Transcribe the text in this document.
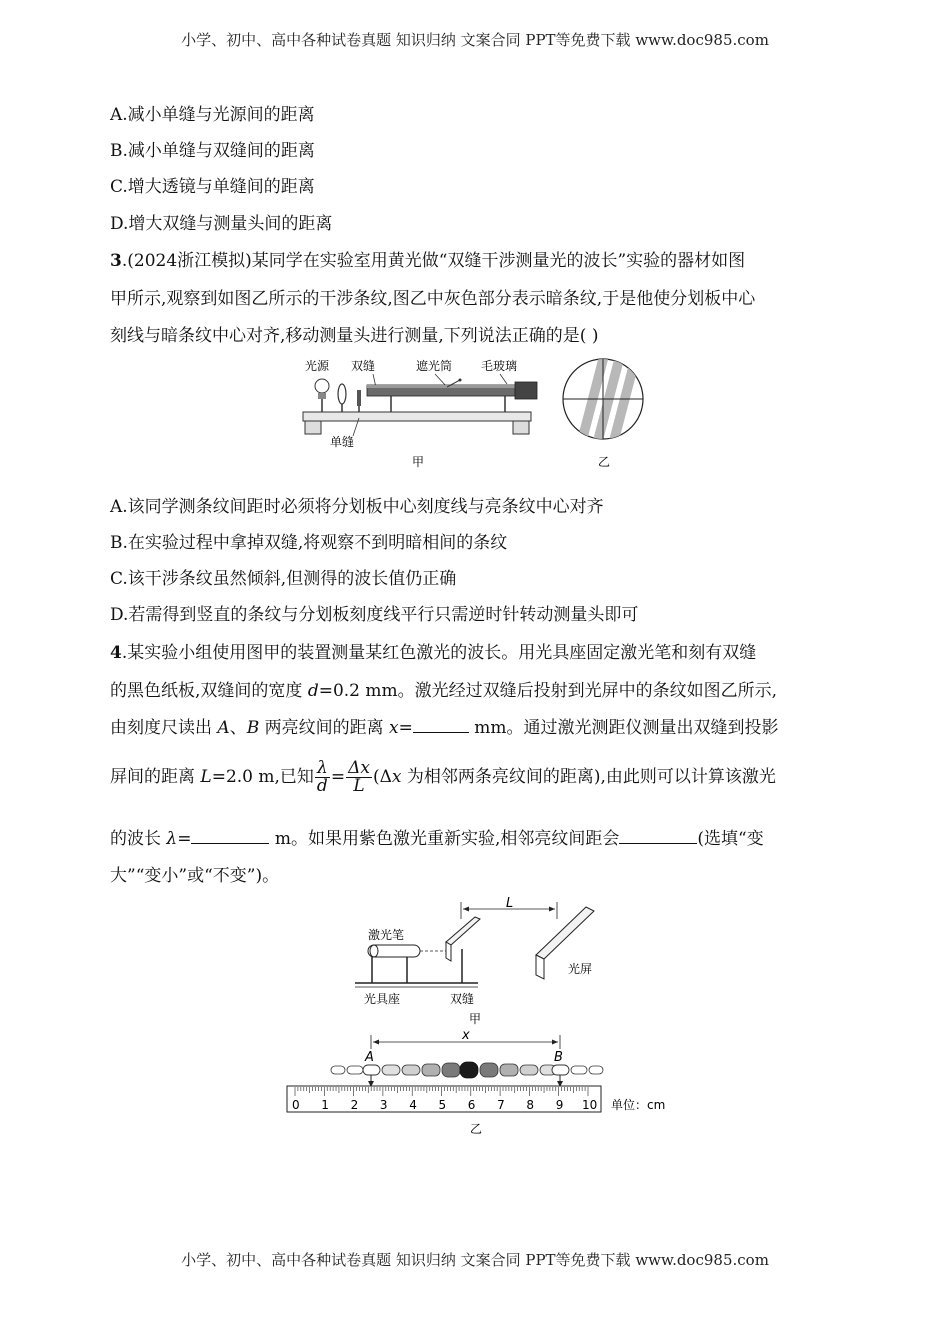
小学、初中、高中各种试卷真题 知识归纳 文案合同 PPT等免费下载 www.doc985.com
A.减小单缝与光源间的距离
B.减小单缝与双缝间的距离
C.增大透镜与单缝间的距离
D.增大双缝与测量头间的距离
3.(2024浙江模拟)某同学在实验室用黄光做“双缝干涉测量光的波长”实验的器材如图
甲所示,观察到如图乙所示的干涉条纹,图乙中灰色部分表示暗条纹,于是他使分划板中心
刻线与暗条纹中心对齐,移动测量头进行测量,下列说法正确的是( )
光源 双缝	遮光筒 毛玻璃
单缝
甲	乙
A.该同学测条纹间距时必须将分划板中心刻度线与亮条纹中心对齐
B.在实验过程中拿掉双缝,将观察不到明暗相间的条纹
C.该干涉条纹虽然倾斜,但测得的波长值仍正确
D.若需得到竖直的条纹与分划板刻度线平行只需逆时针转动测量头即可
4.某实验小组使用图甲的装置测量某红色激光的波长。用光具座固定激光笔和刻有双缝
的黑色纸板,双缝间的宽度 d=0.2 mm。激光经过双缝后投射到光屏中的条纹如图乙所示,
由刻度尺读出 A、B 两亮纹间的距离 x=	mm。通过激光测距仪测量出双缝到投影
屏间的距离 L=2.0 m,已知 $\frac{\lambda}{d} = \frac{\Delta x}{L} (\Delta x$ 为相邻两条亮纹间的距离),由此则可以计算该激光
的波长 λ=	m。如果用紫色激光重新实验,相邻亮纹间距会	(选填“变
大”“变小”或“不变”)。
L
激光笔
光屏
光具座	双缝
甲
x
A	B
0 1 2 3 4 5 6 7 8 9 10 单位：cm
乙
小学、初中、高中各种试卷真题 知识归纳 文案合同 PPT等免费下载 www.doc985.com
